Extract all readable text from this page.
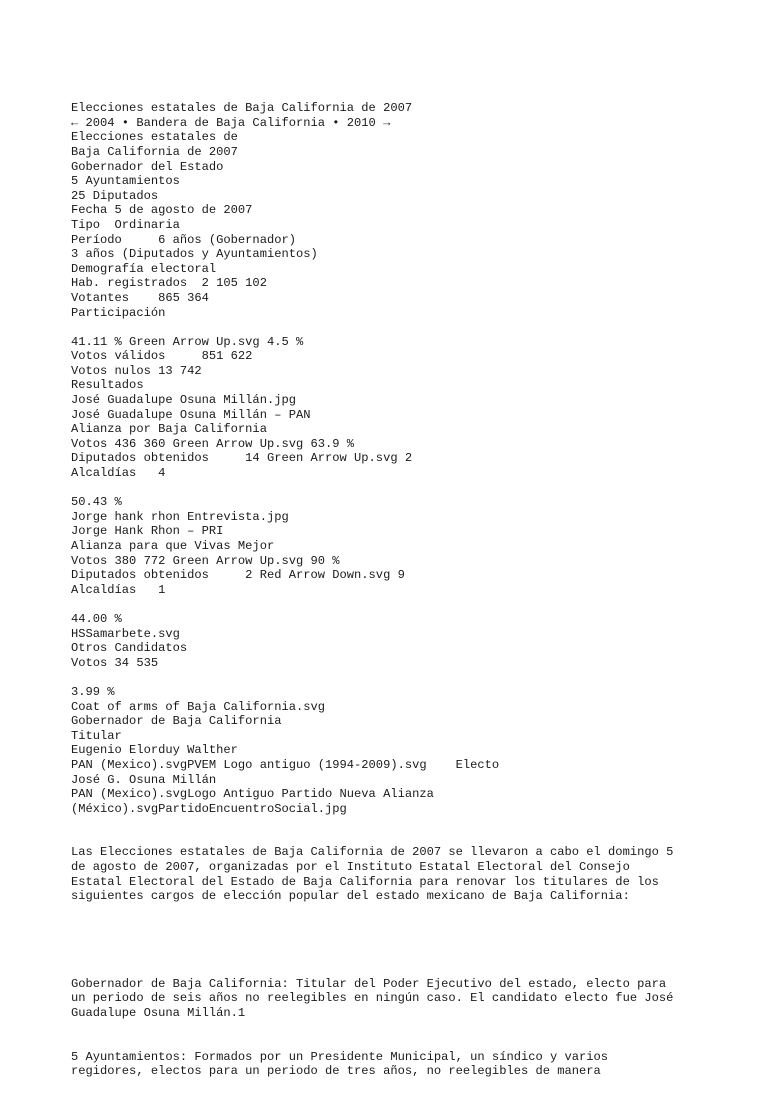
Elecciones estatales de Baja California de 2007
← 2004 • Bandera de Baja California • 2010 →
Elecciones estatales de
Baja California de 2007
Gobernador del Estado
5 Ayuntamientos
25 Diputados
Fecha 5 de agosto de 2007
Tipo  Ordinaria
Período     6 años (Gobernador)
3 años (Diputados y Ayuntamientos)
Demografía electoral
Hab. registrados  2 105 102
Votantes    865 364
Participación
41.11 % Green Arrow Up.svg 4.5 %
Votos válidos     851 622
Votos nulos 13 742
Resultados
José Guadalupe Osuna Millán.jpg
José Guadalupe Osuna Millán – PAN
Alianza por Baja California
Votos 436 360 Green Arrow Up.svg 63.9 %
Diputados obtenidos     14 Green Arrow Up.svg 2
Alcaldías   4
50.43 %
Jorge hank rhon Entrevista.jpg
Jorge Hank Rhon – PRI
Alianza para que Vivas Mejor
Votos 380 772 Green Arrow Up.svg 90 %
Diputados obtenidos     2 Red Arrow Down.svg 9
Alcaldías   1
44.00 %
HSSamarbete.svg
Otros Candidatos
Votos 34 535
3.99 %
Coat of arms of Baja California.svg
Gobernador de Baja California
Titular
Eugenio Elorduy Walther
PAN (Mexico).svgPVEM Logo antiguo (1994-2009).svg    Electo
José G. Osuna Millán
PAN (Mexico).svgLogo Antiguo Partido Nueva Alianza
(México).svgPartidoEncuentroSocial.jpg

Las Elecciones estatales de Baja California de 2007 se llevaron a cabo el domingo 5
de agosto de 2007, organizadas por el Instituto Estatal Electoral del Consejo
Estatal Electoral del Estado de Baja California para renovar los titulares de los
siguientes cargos de elección popular del estado mexicano de Baja California:

Gobernador de Baja California: Titular del Poder Ejecutivo del estado, electo para
un periodo de seis años no reelegibles en ningún caso. El candidato electo fue José
Guadalupe Osuna Millán.1

5 Ayuntamientos: Formados por un Presidente Municipal, un síndico y varios
regidores, electos para un periodo de tres años, no reelegibles de manera
